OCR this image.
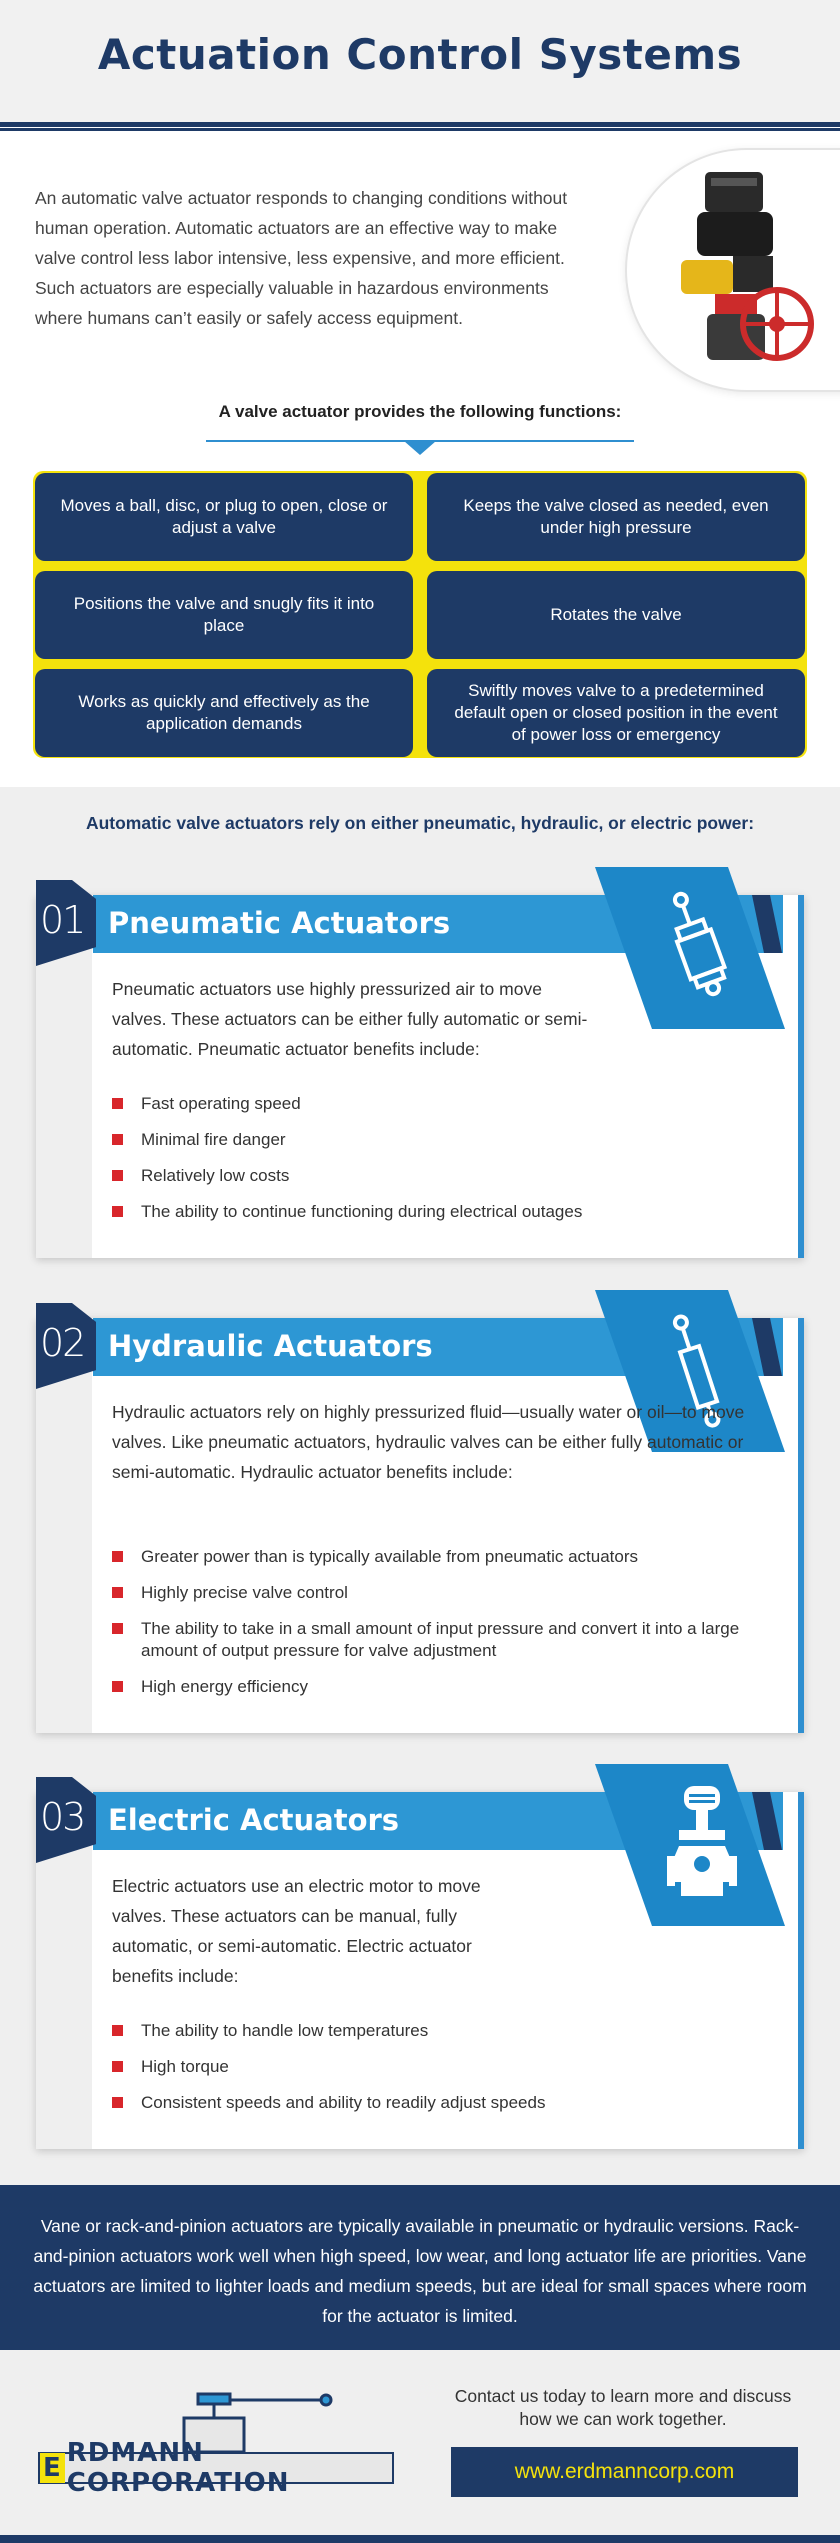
Actuation Control Systems

An automatic valve actuator responds to changing conditions without human operation. Automatic actuators are an effective way to make valve control less labor intensive, less expensive, and more efficient. Such actuators are especially valuable in hazardous environments where humans can’t easily or safely access equipment.

A valve actuator provides the following functions:
Moves a ball, disc, or plug to open, close or adjust a valve
Keeps the valve closed as needed, even under high pressure
Positions the valve and snugly fits it into place
Rotates the valve
Works as quickly and effectively as the application demands
Swiftly moves valve to a predetermined default open or closed position in the event of power loss or emergency
Automatic valve actuators rely on either pneumatic, hydraulic, or electric power:
01 Pneumatic Actuators

Pneumatic actuators use highly pressurized air to move valves. These actuators can be either fully automatic or semi-automatic. Pneumatic actuator benefits include:

Fast operating speed
Minimal fire danger
Relatively low costs
The ability to continue functioning during electrical outages
02 Hydraulic Actuators

Hydraulic actuators rely on highly pressurized fluid—usually water or oil—to move valves. Like pneumatic actuators, hydraulic valves can be either fully automatic or semi-automatic. Hydraulic actuator benefits include:

Greater power than is typically available from pneumatic actuators
Highly precise valve control
The ability to take in a small amount of input pressure and convert it into a large amount of output pressure for valve adjustment
High energy efficiency
03 Electric Actuators

Electric actuators use an electric motor to move valves. These actuators can be manual, fully automatic, or semi-automatic. Electric actuator benefits include:

The ability to handle low temperatures
High torque
Consistent speeds and ability to readily adjust speeds
Vane or rack-and-pinion actuators are typically available in pneumatic or hydraulic versions. Rack-and-pinion actuators work well when high speed, low wear, and long actuator life are priorities. Vane actuators are limited to lighter loads and medium speeds, but are ideal for small spaces where room for the actuator is limited.
E RDMANN CORPORATION

Contact us today to learn more and discuss how we can work together.

www.erdmanncorp.com
